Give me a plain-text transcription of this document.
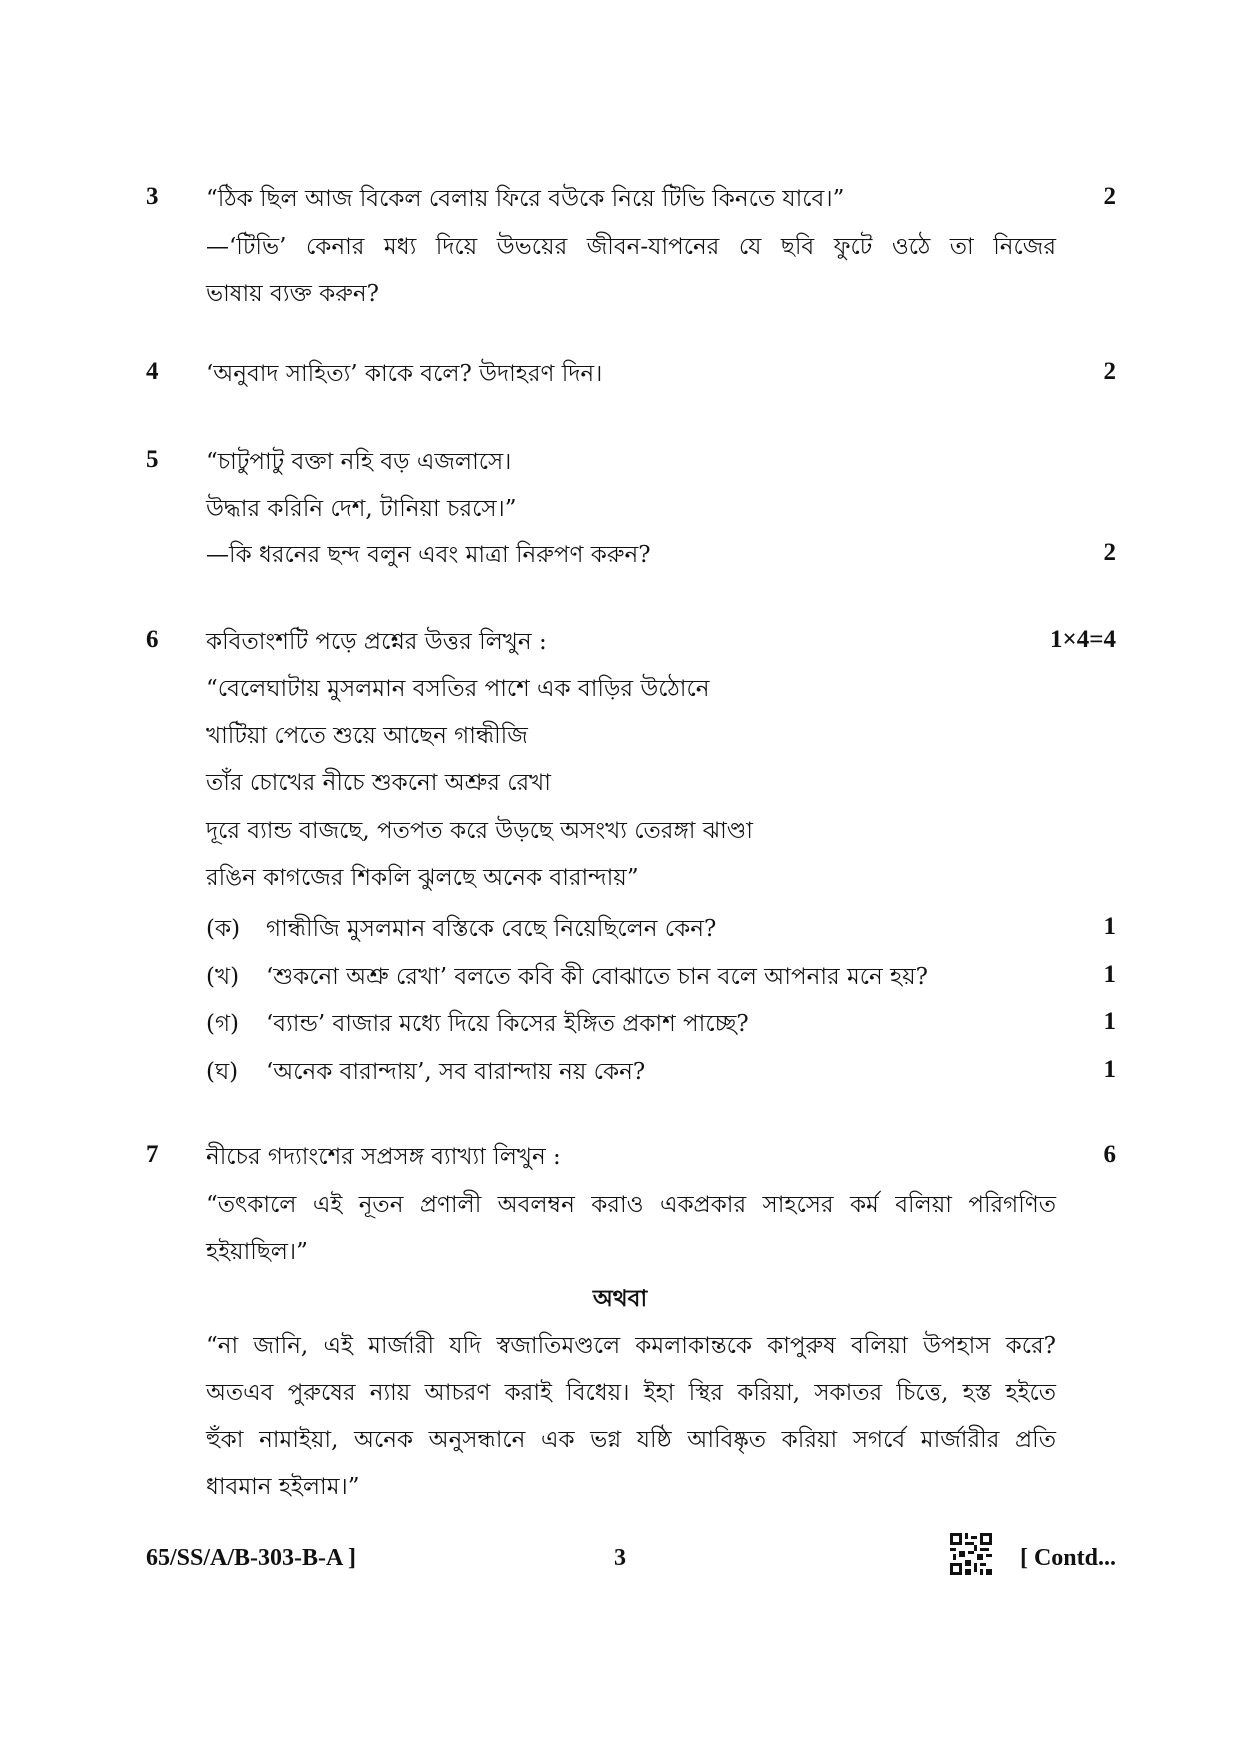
3	2
“ঠিক ছিল আজ বিকেল বেলায় ফিরে বউকে নিয়ে টিভি কিনতে যাবে।”
—‘টিভি’ কেনার মধ্য দিয়ে উভয়ের জীবন-যাপনের যে ছবি ফুটে ওঠে তা নিজের
ভাষায় ব্যক্ত করুন?
4	2
‘অনুবাদ সাহিত্য’ কাকে বলে? উদাহরণ দিন।
5	“চাটুপাটু বক্তা নহি বড় এজলাসে।
উদ্ধার করিনি দেশ, টানিয়া চরসে।”
—কি ধরনের ছন্দ বলুন এবং মাত্রা নিরুপণ করুন?	2
6	1×4=4
কবিতাংশটি পড়ে প্রশ্নের উত্তর লিখুন :
“বেলেঘাটায় মুসলমান বসতির পাশে এক বাড়ির উঠোনে
খাটিয়া পেতে শুয়ে আছেন গান্ধীজি
তাঁর চোখের নীচে শুকনো অশ্রুর রেখা
দূরে ব্যান্ড বাজছে, পতপত করে উড়ছে অসংখ্য তেরঙ্গা ঝাণ্ডা
রঙিন কাগজের শিকলি ঝুলছে অনেক বারান্দায়”
(ক) গান্ধীজি মুসলমান বস্তিকে বেছে নিয়েছিলেন কেন?	1
(খ) ‘শুকনো অশ্রু রেখা’ বলতে কবি কী বোঝাতে চান বলে আপনার মনে হয়?	1
(গ) ‘ব্যান্ড’ বাজার মধ্যে দিয়ে কিসের ইঙ্গিত প্রকাশ পাচ্ছে?	1
(ঘ) ‘অনেক বারান্দায়’, সব বারান্দায় নয় কেন?	1
7	6
নীচের গদ্যাংশের সপ্রসঙ্গ ব্যাখ্যা লিখুন :
“তৎকালে এই নূতন প্রণালী অবলম্বন করাও একপ্রকার সাহসের কর্ম বলিয়া পরিগণিত
হইয়াছিল।”
অথবা
“না জানি, এই মার্জারী যদি স্বজাতিমণ্ডলে কমলাকান্তকে কাপুরুষ বলিয়া উপহাস করে?
অতএব পুরুষের ন্যায় আচরণ করাই বিধেয়। ইহা স্থির করিয়া, সকাতর চিত্তে, হস্ত হইতে
হুঁকা নামাইয়া, অনেক অনুসন্ধানে এক ভগ্ন যষ্ঠি আবিষ্কৃত করিয়া সগর্বে মার্জারীর প্রতি
ধাবমান হইলাম।”
65/SS/A/B-303-B-A ]	3	[ Contd...
